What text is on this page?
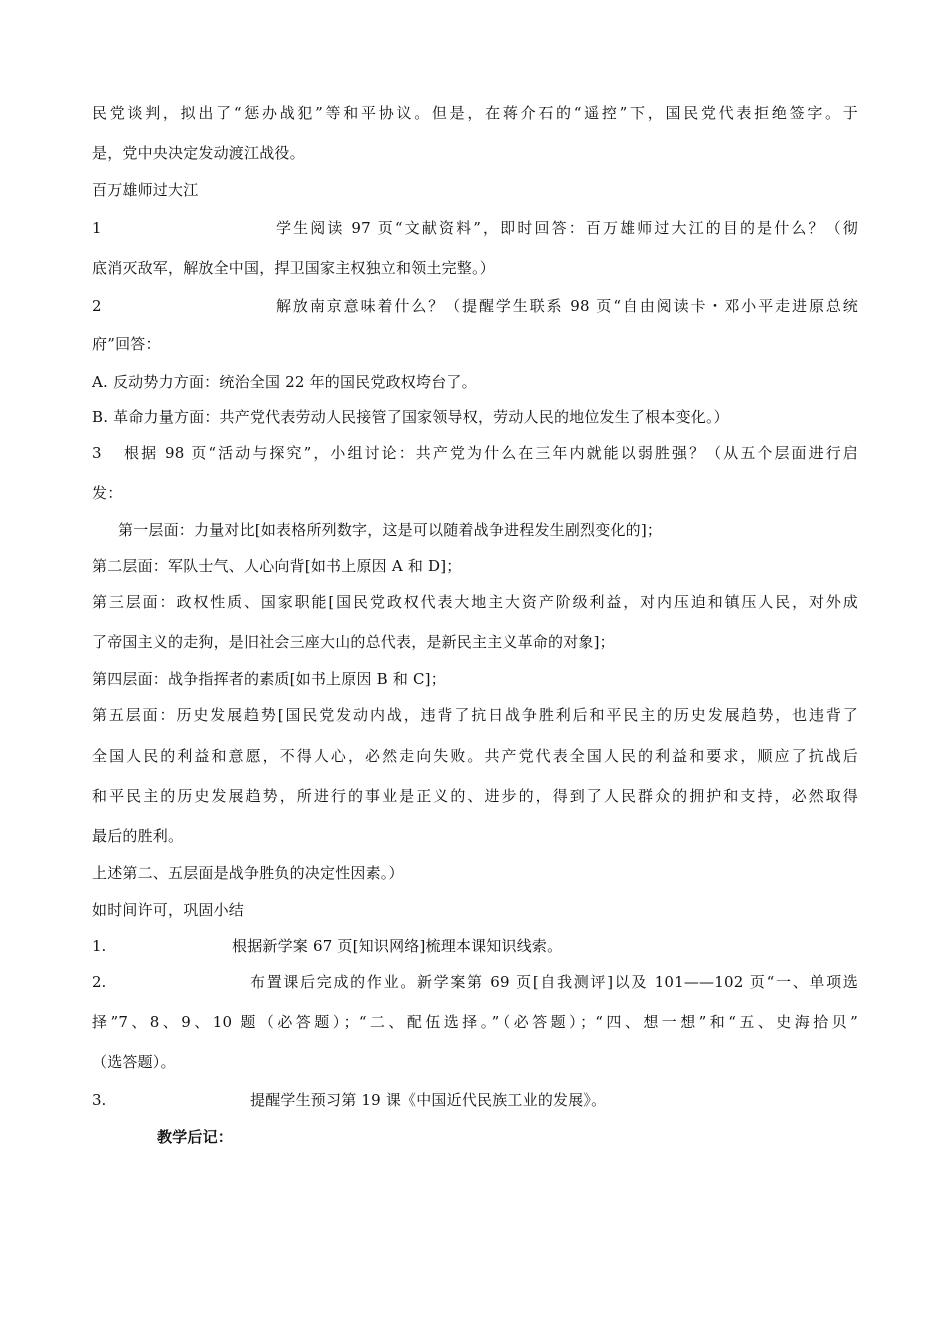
民党谈判，拟出了“惩办战犯”等和平协议。但是，在蒋介石的“遥控”下，国民党代表拒绝签字。于
是，党中央决定发动渡江战役。
百万雄师过大江
1	学生阅读 97 页“文献资料”，即时回答：百万雄师过大江的目的是什么？（彻
底消灭敌军，解放全中国，捍卫国家主权独立和领土完整。）
2	解放南京意味着什么？（提醒学生联系 98 页“自由阅读卡・邓小平走进原总统
府”回答：
A. 反动势力方面：统治全国 22 年的国民党政权垮台了。
B. 革命力量方面：共产党代表劳动人民接管了国家领导权，劳动人民的地位发生了根本变化。）
3 根据 98 页“活动与探究”，小组讨论：共产党为什么在三年内就能以弱胜强？（从五个层面进行启
发：
第一层面：力量对比[如表格所列数字，这是可以随着战争进程发生剧烈变化的]；
第二层面：军队士气、人心向背[如书上原因 A 和 D]；
第三层面：政权性质、国家职能[国民党政权代表大地主大资产阶级利益，对内压迫和镇压人民，对外成
了帝国主义的走狗，是旧社会三座大山的总代表，是新民主主义革命的对象]；
第四层面：战争指挥者的素质[如书上原因 B 和 C]；
第五层面：历史发展趋势[国民党发动内战，违背了抗日战争胜利后和平民主的历史发展趋势，也违背了
全国人民的利益和意愿，不得人心，必然走向失败。共产党代表全国人民的利益和要求，顺应了抗战后
和平民主的历史发展趋势，所进行的事业是正义的、进步的，得到了人民群众的拥护和支持，必然取得
最后的胜利。
上述第二、五层面是战争胜负的决定性因素。）
如时间许可，巩固小结
1.	根据新学案 67 页[知识网络]梳理本课知识线索。
2.	布置课后完成的作业。新学案第 69 页[自我测评]以及 101——102 页“一、单项选
择”7、8、9、10 题（必答题）；“二、配伍选择。”（必答题）；“四、想一想”和“五、史海拾贝”
（选答题）。
3.	提醒学生预习第 19 课《中国近代民族工业的发展》。
教学后记：
